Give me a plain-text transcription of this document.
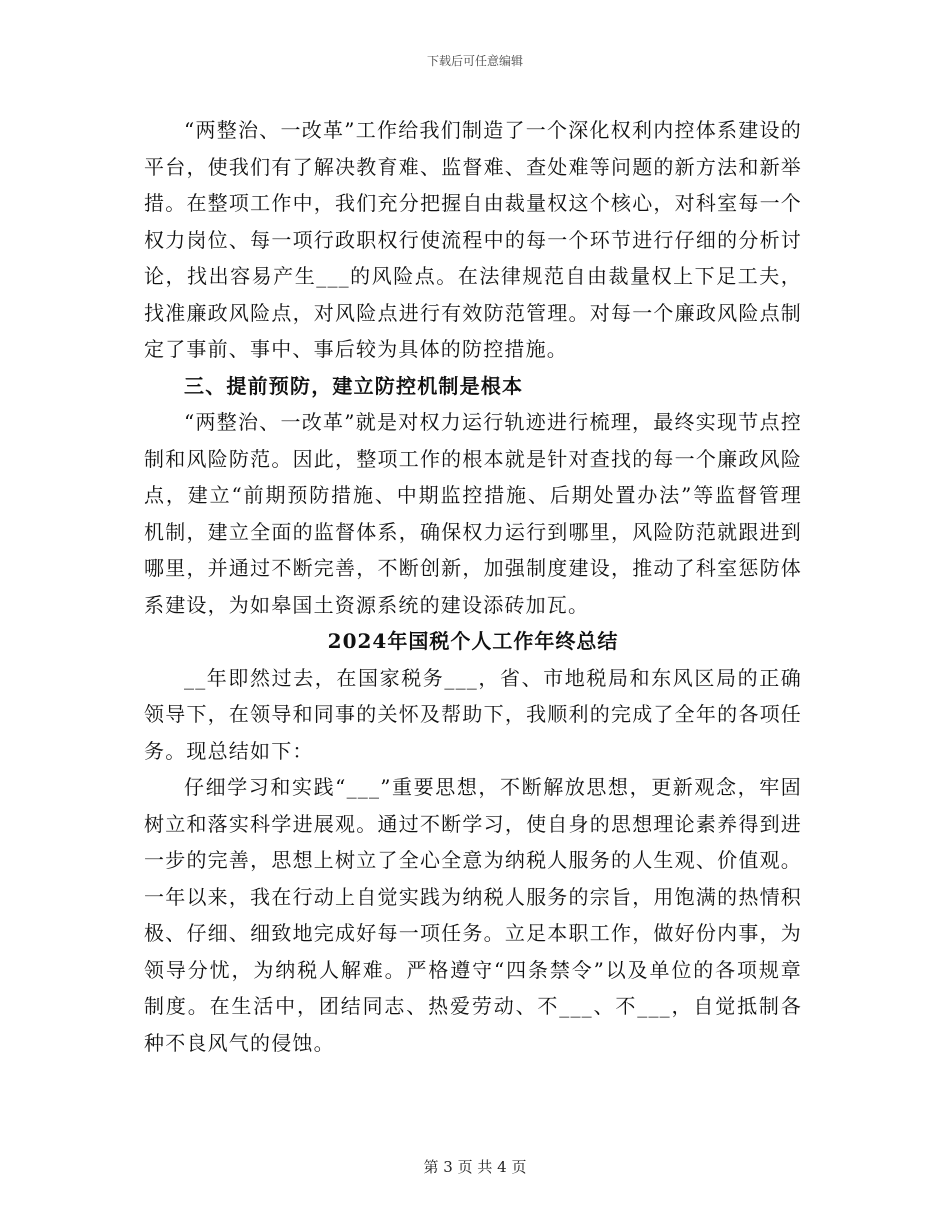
下载后可任意编辑

“两整治、一改革”工作给我们制造了一个深化权利内控体系建设的平台，使我们有了解决教育难、监督难、查处难等问题的新方法和新举措。在整项工作中，我们充分把握自由裁量权这个核心，对科室每一个权力岗位、每一项行政职权行使流程中的每一个环节进行仔细的分析讨论，找出容易产生___的风险点。在法律规范自由裁量权上下足工夫，找准廉政风险点，对风险点进行有效防范管理。对每一个廉政风险点制定了事前、事中、事后较为具体的防控措施。

三、提前预防，建立防控机制是根本

“两整治、一改革”就是对权力运行轨迹进行梳理，最终实现节点控制和风险防范。因此，整项工作的根本就是针对查找的每一个廉政风险点，建立“前期预防措施、中期监控措施、后期处置办法”等监督管理机制，建立全面的监督体系，确保权力运行到哪里，风险防范就跟进到哪里，并通过不断完善，不断创新，加强制度建设，推动了科室惩防体系建设，为如皋国土资源系统的建设添砖加瓦。

2024年国税个人工作年终总结

__年即然过去，在国家税务___，省、市地税局和东风区局的正确领导下，在领导和同事的关怀及帮助下，我顺利的完成了全年的各项任务。现总结如下：

仔细学习和实践“___”重要思想，不断解放思想，更新观念，牢固树立和落实科学进展观。通过不断学习，使自身的思想理论素养得到进一步的完善，思想上树立了全心全意为纳税人服务的人生观、价值观。一年以来，我在行动上自觉实践为纳税人服务的宗旨，用饱满的热情积极、仔细、细致地完成好每一项任务。立足本职工作，做好份内事，为领导分忧，为纳税人解难。严格遵守“四条禁令”以及单位的各项规章制度。在生活中，团结同志、热爱劳动、不___、不___，自觉抵制各种不良风气的侵蚀。

第 3 页 共 4 页
